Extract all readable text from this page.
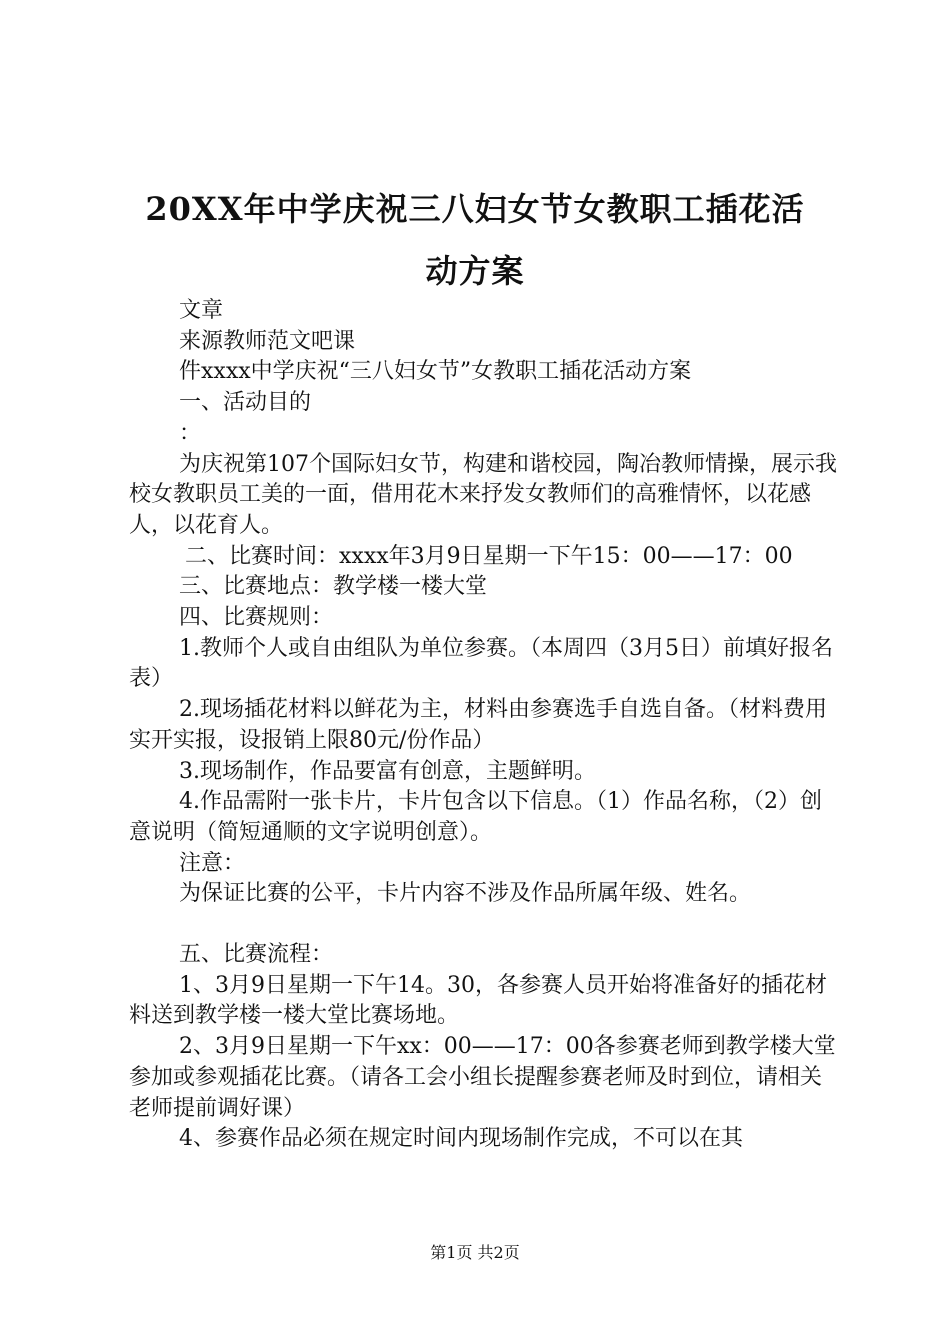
20XX年中学庆祝三八妇女节女教职工插花活
动方案

文章

来源教师范文吧课

件xxxx中学庆祝“三八妇女节”女教职工插花活动方案

一、活动目的

：

为庆祝第107个国际妇女节，构建和谐校园，陶冶教师情操，展示我校女教职员工美的一面，借用花木来抒发女教师们的高雅情怀，以花感人，以花育人。

二、比赛时间：xxxx年3月9日星期一下午15：00——17：00

三、比赛地点：教学楼一楼大堂

四、比赛规则：

1.教师个人或自由组队为单位参赛。（本周四（3月5日）前填好报名表）

2.现场插花材料以鲜花为主，材料由参赛选手自选自备。（材料费用实开实报，设报销上限80元/份作品）

3.现场制作，作品要富有创意，主题鲜明。

4.作品需附一张卡片，卡片包含以下信息。（1）作品名称，（2）创意说明（简短通顺的文字说明创意）。

注意：

为保证比赛的公平，卡片内容不涉及作品所属年级、姓名。

五、比赛流程：

1、3月9日星期一下午14。30，各参赛人员开始将准备好的插花材料送到教学楼一楼大堂比赛场地。

2、3月9日星期一下午xx：00——17：00各参赛老师到教学楼大堂参加或参观插花比赛。（请各工会小组长提醒参赛老师及时到位，请相关老师提前调好课）

4、参赛作品必须在规定时间内现场制作完成，不可以在其

第1页 共2页
